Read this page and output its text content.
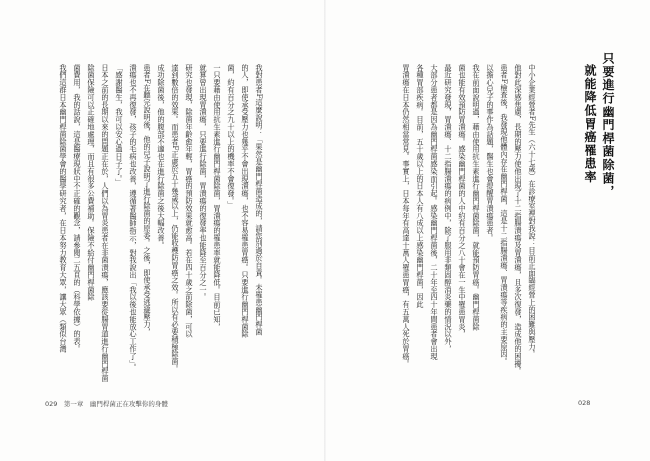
我對患者F這麼說明：「果然是幽門桿菌造成的，請您別過於自責。未罹患幽門桿菌
的人，即使承受壓力也幾乎不會出現潰瘍，也不容易罹患胃癌。只要進行幽門桿菌除
菌，約有百分之九十以上的機率不會復發。」
一只要藉由使用抗生素進行幽門桿菌除菌，胃潰瘍的罹患率就能降低。目前已知，
就算曾出現胃潰瘍，只要進行除菌，胃潰瘍的復發率也能降至百分之一。
研究也發現，除菌年齡愈年輕，胃癌的預防效果就愈高。若在四十歲之前除菌，可以
達到數倍的效果。而患者F正處於五十幾歲以上，仍能收穫防胃癌之效。所以有必要積極除菌。
成功除菌後，他的腹部不適也在進行除菌之後大幅改善。
患者F在聽完說明後，他的兒子說明了進行除菌的原委。之後，即使承受逃避壓力，
潰瘍也不再復發，孩子的毛病也改善，遵循著醫師指示，對我說出「我以後也能放心工作了」。
「感謝醫生，我可以安心過日子了。」
日本之前的長期以來的問題正在於，人們以為胃炎患者在非菌潰瘍，應該要從腸胃道進行幽門桿菌
除菌保險可以正確地處理，而且有很多公費補助。保險不給付幽門桿菌除
菌費用，我的話說，這是醫療現狀中不正確的觀念，請參閱二五頁的（科學依據）的表。
我們這群日本幽門桿菌除菌學會的醫學研究者，在日本努力教育大眾，讓大眾（類似台灣
029　第一章　幽門桿菌正在攻擊你的身體
只要進行幽門桿菌除菌，
就能降低胃癌罹患率
中小企業經營者F先生（六十七歲）在診療室裡對我說：目前正面臨經營上的困難與壓力。
他對此深感焦慮，長期的壓力使他出現了十二指腸潰瘍及胃潰瘍，且多次復發，造成他的困擾。
患者F檢查後，我發現他體內存在幽門桿菌，這是十二指腸潰瘍、胃潰瘍等疾病的主要原因。
以擔心兒子的事作為話題，醫生也會提醒胃潰瘍患者。
我在前面說明過，藉由使用抗生素進行幽門桿菌除菌，就能預防胃癌。幽門桿菌除
菌也能有效預防胃潰瘍。感染幽門桿菌的人中約有百分之八十會在一生中罹患胃炎，
最近研究發現，胃潰瘍、十二指腸潰瘍的病例中，除了服用非類固醇消炎藥的情況以外，
大部分患者都是因為幽門桿菌感染而引起。感染幽門桿菌後，二十年至四十年間患者會出現
各種胃部疾病。目前，五十歲以上的日本人有八成以上感染幽門桿菌，因此
胃潰瘍在日本仍然相當常見。事實上，日本每年有高達十萬人罹患胃癌，有五萬人死於胃癌。
028
